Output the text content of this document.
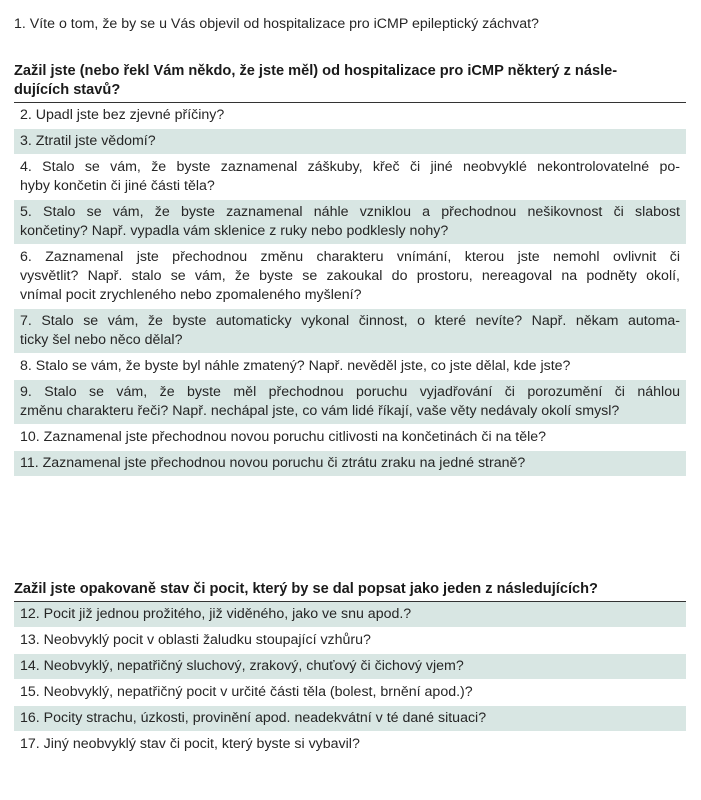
1. Víte o tom, že by se u Vás objevil od hospitalizace pro iCMP epileptický záchvat?
Zažil jste (nebo řekl Vám někdo, že jste měl) od hospitalizace pro iCMP některý z násle-
dujících stavů?
2. Upadl jste bez zjevné příčiny?
3. Ztratil jste vědomí?
4. Stalo se vám, že byste zaznamenal záškuby, křeč či jiné neobvyklé nekontrolovatelné po-
hyby končetin či jiné části těla?
5. Stalo se vám, že byste zaznamenal náhle vzniklou a přechodnou nešikovnost či slabost
končetiny? Např. vypadla vám sklenice z ruky nebo podklesly nohy?
6. Zaznamenal jste přechodnou změnu charakteru vnímání, kterou jste nemohl ovlivnit či
vysvětlit? Např. stalo se vám, že byste se zakoukal do prostoru, nereagoval na podněty okolí,
vnímal pocit zrychleného nebo zpomaleného myšlení?
7. Stalo se vám, že byste automaticky vykonal činnost, o které nevíte? Např. někam automa-
ticky šel nebo něco dělal?
8. Stalo se vám, že byste byl náhle zmatený? Např. nevěděl jste, co jste dělal, kde jste?
9. Stalo se vám, že byste měl přechodnou poruchu vyjadřování či porozumění či náhlou
změnu charakteru řeči? Např. nechápal jste, co vám lidé říkají, vaše věty nedávaly okolí smysl?
10. Zaznamenal jste přechodnou novou poruchu citlivosti na končetinách či na těle?
11. Zaznamenal jste přechodnou novou poruchu či ztrátu zraku na jedné straně?
Zažil jste opakovaně stav či pocit, který by se dal popsat jako jeden z následujících?
12. Pocit již jednou prožitého, již viděného, jako ve snu apod.?
13. Neobvyklý pocit v oblasti žaludku stoupající vzhůru?
14. Neobvyklý, nepatřičný sluchový, zrakový, chuťový či čichový vjem?
15. Neobvyklý, nepatřičný pocit v určité části těla (bolest, brnění apod.)?
16. Pocity strachu, úzkosti, provinění apod. neadekvátní v té dané situaci?
17. Jiný neobvyklý stav či pocit, který byste si vybavil?
